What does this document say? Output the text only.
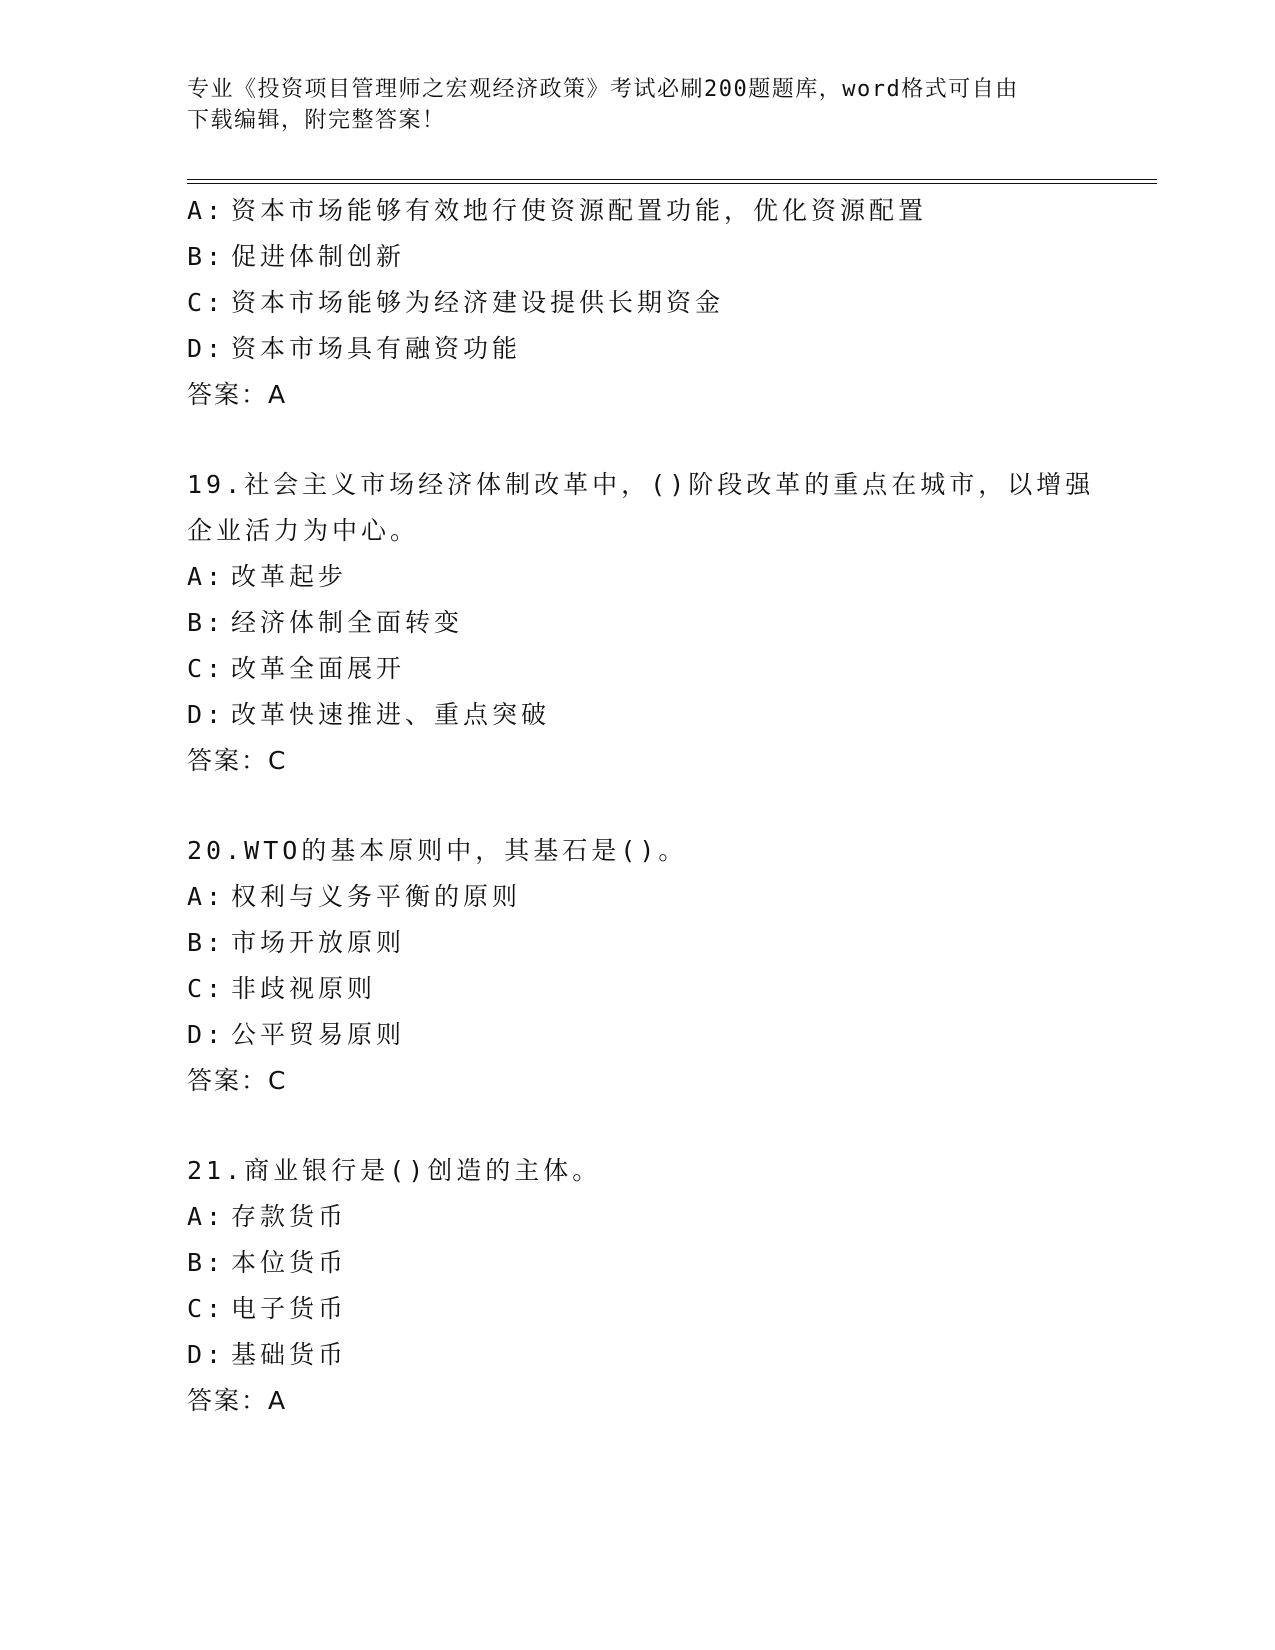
专业《投资项目管理师之宏观经济政策》考试必刷200题题库，word格式可自由
下载编辑，附完整答案！
A: 资本市场能够有效地行使资源配置功能，优化资源配置
B: 促进体制创新
C: 资本市场能够为经济建设提供长期资金
D: 资本市场具有融资功能
答案：A
19.社会主义市场经济体制改革中，()阶段改革的重点在城市，以增强企业活力为中心。
A: 改革起步
B: 经济体制全面转变
C: 改革全面展开
D: 改革快速推进、重点突破
答案：C
20.WTO的基本原则中，其基石是()。
A: 权利与义务平衡的原则
B: 市场开放原则
C: 非歧视原则
D: 公平贸易原则
答案：C
21.商业银行是()创造的主体。
A: 存款货币
B: 本位货币
C: 电子货币
D: 基础货币
答案：A
